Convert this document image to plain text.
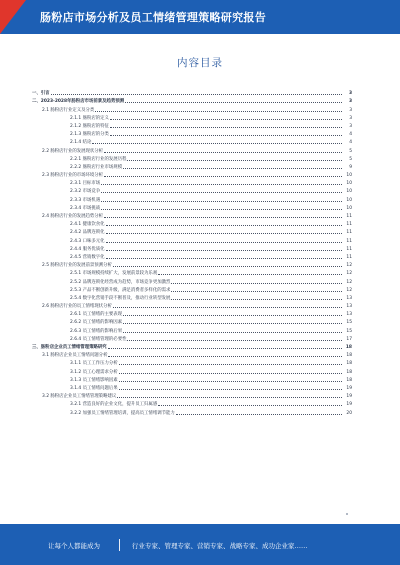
肠粉店市场分析及员工情绪管理策略研究报告
内容目录
一、引言	3
二、2023-2028年肠粉店市场前景及趋势预测	3
2.1 肠粉店行业定义及分类	3
2.1.1 肠粉店的定义	3
2.1.2 肠粉店的特征	3
2.1.3 肠粉店的分类	4
2.1.4 结论	4
2.2 肠粉店行业的发展现状分析	5
2.2.1 肠粉店行业的发展历程	5
2.2.2 肠粉店行业市场规模	9
2.3 肠粉店行业的市场环境分析	10
2.3.1 目标市场	10
2.3.2 市场竞争	10
2.3.3 市场机遇	10
2.3.4 市场挑战	10
2.4 肠粉店行业的发展趋势分析	11
2.4.1 健康饮食化	11
2.4.2 品牌连锁化	11
2.4.3 口味多元化	11
2.4.4 服务优质化	11
2.4.5 营销数字化	11
2.5 肠粉店行业的发展前景预测分析	12
2.5.1 市场规模持续扩大，发展前景较为乐观	12
2.5.2 品牌连锁化经营成为趋势，市场竞争更加激烈	12
2.5.3 产品不断创新升级，满足消费者多样化的需求	12
2.5.4 数字化营销手段不断普及，推动行业转型发展	13
2.6 肠粉店行业的员工情绪现状分析	13
2.6.1 员工情绪的主要表现	13
2.6.2 员工情绪的影响因素	15
2.6.3 员工情绪的影响后果	15
2.6.4 员工情绪管理的必要性	17
三、肠粉店企业员工情绪管理策略研究	18
3.1 肠粉店企业员工情绪问题分析	18
3.1.1 员工工作压力分析	18
3.1.2 员工心理需求分析	18
3.1.3 员工情绪影响因素	18
3.1.4 员工情绪问题后果	19
3.2 肠粉店企业员工情绪管理策略建议	19
3.2.1 营造良好的企业文化，提升员工归属感	19
3.2.2 加强员工情绪管理培训，提高员工情绪调节能力	20
让每个人都能成为	行业专家、管理专家、营销专家、战略专家、成功企业家……
